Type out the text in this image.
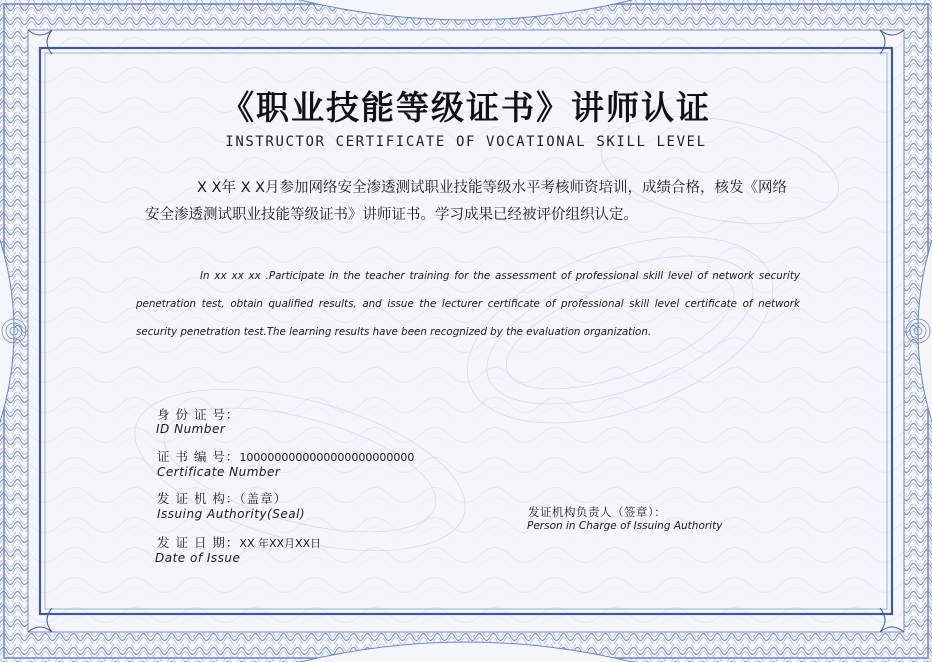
《职业技能等级证书》讲师认证
INSTRUCTOR CERTIFICATE OF VOCATIONAL SKILL LEVEL
X X年 X X月参加网络安全渗透测试职业技能等级水平考核师资培训，成绩合格，核发《网络安全渗透测试职业技能等级证书》讲师证书。学习成果已经被评价组织认定。
In xx xx xx .Participate in the teacher training for the assessment of professional skill level of network security penetration test, obtain qualified results, and issue the lecturer certificate of professional skill level certificate of network security penetration test.The learning results have been recognized by the evaluation organization.
身 份 证 号：
ID Number
证 书 编 号：1000000000000000000000000
Certificate Number
发 证 机 构：（盖章）
Issuing Authority(Seal)
发 证 日 期：XX 年XX月XX日
Date of Issue
发证机构负责人（签章）：
Person in Charge of Issuing Authority
